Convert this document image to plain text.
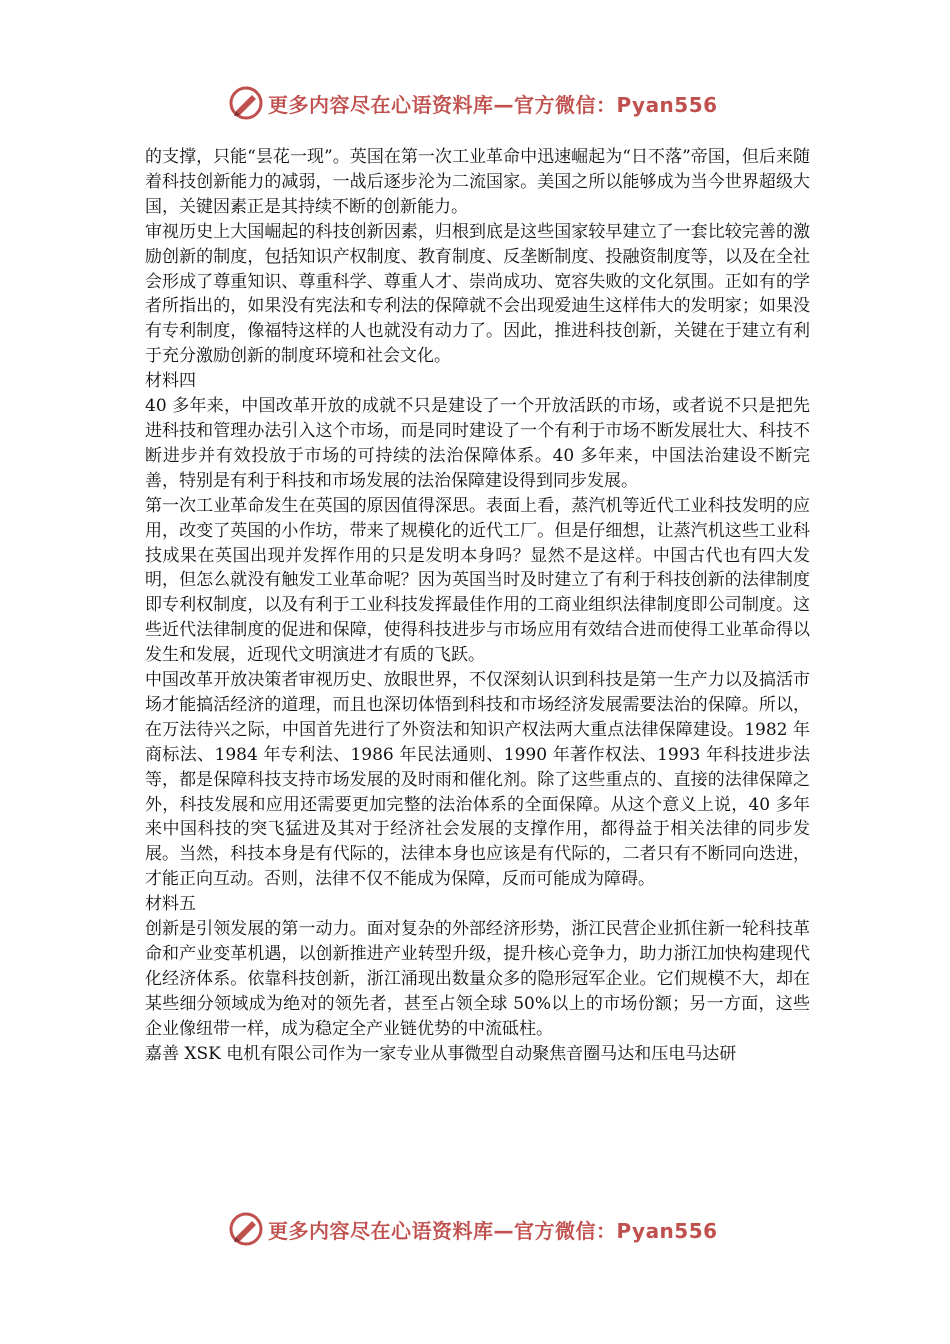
更多内容尽在心语资料库—官方微信：Pyan556

的支撑，只能“昙花一现”。英国在第一次工业革命中迅速崛起为“日不落”帝国，但后来随着科技创新能力的减弱，一战后逐步沦为二流国家。美国之所以能够成为当今世界超级大国，关键因素正是其持续不断的创新能力。

审视历史上大国崛起的科技创新因素，归根到底是这些国家较早建立了一套比较完善的激励创新的制度，包括知识产权制度、教育制度、反垄断制度、投融资制度等，以及在全社会形成了尊重知识、尊重科学、尊重人才、崇尚成功、宽容失败的文化氛围。正如有的学者所指出的，如果没有宪法和专利法的保障就不会出现爱迪生这样伟大的发明家；如果没有专利制度，像福特这样的人也就没有动力了。因此，推进科技创新，关键在于建立有利于充分激励创新的制度环境和社会文化。

材料四

40 多年来，中国改革开放的成就不只是建设了一个开放活跃的市场，或者说不只是把先进科技和管理办法引入这个市场，而是同时建设了一个有利于市场不断发展壮大、科技不断进步并有效投放于市场的可持续的法治保障体系。40 多年来，中国法治建设不断完善，特别是有利于科技和市场发展的法治保障建设得到同步发展。

第一次工业革命发生在英国的原因值得深思。表面上看，蒸汽机等近代工业科技发明的应用，改变了英国的小作坊，带来了规模化的近代工厂。但是仔细想，让蒸汽机这些工业科技成果在英国出现并发挥作用的只是发明本身吗？显然不是这样。中国古代也有四大发明，但怎么就没有触发工业革命呢？因为英国当时及时建立了有利于科技创新的法律制度即专利权制度，以及有利于工业科技发挥最佳作用的工商业组织法律制度即公司制度。这些近代法律制度的促进和保障，使得科技进步与市场应用有效结合进而使得工业革命得以发生和发展，近现代文明演进才有质的飞跃。

中国改革开放决策者审视历史、放眼世界，不仅深刻认识到科技是第一生产力以及搞活市场才能搞活经济的道理，而且也深切体悟到科技和市场经济发展需要法治的保障。所以，在万法待兴之际，中国首先进行了外资法和知识产权法两大重点法律保障建设。1982 年商标法、1984 年专利法、1986 年民法通则、1990 年著作权法、1993 年科技进步法等，都是保障科技支持市场发展的及时雨和催化剂。除了这些重点的、直接的法律保障之外，科技发展和应用还需要更加完整的法治体系的全面保障。从这个意义上说，40 多年来中国科技的突飞猛进及其对于经济社会发展的支撑作用，都得益于相关法律的同步发展。当然，科技本身是有代际的，法律本身也应该是有代际的，二者只有不断同向迭进，才能正向互动。否则，法律不仅不能成为保障，反而可能成为障碍。

材料五

创新是引领发展的第一动力。面对复杂的外部经济形势，浙江民营企业抓住新一轮科技革命和产业变革机遇，以创新推进产业转型升级，提升核心竞争力，助力浙江加快构建现代化经济体系。依靠科技创新，浙江涌现出数量众多的隐形冠军企业。它们规模不大，却在某些细分领域成为绝对的领先者，甚至占领全球 50%以上的市场份额；另一方面，这些企业像纽带一样，成为稳定全产业链优势的中流砥柱。

嘉善 XSK 电机有限公司作为一家专业从事微型自动聚焦音圈马达和压电马达研

更多内容尽在心语资料库—官方微信：Pyan556
